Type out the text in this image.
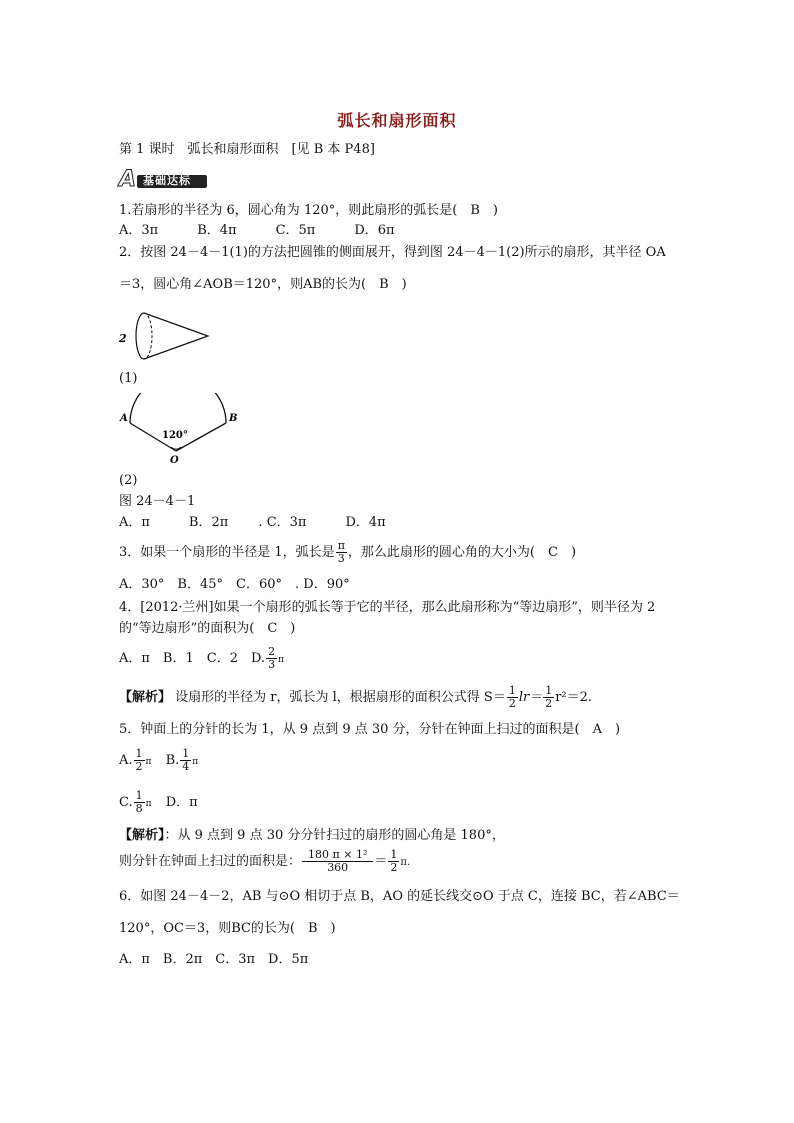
弧长和扇形面积
第 1 课时　弧长和扇形面积　[见 B 本 P48]
A 基础达标
1.若扇形的半径为 6，圆心角为 120°，则此扇形的弧长是(　B　)
A．3π　　　B．4π　　　C．5π　　　D．6π
2．按图 24－4－1(1)的方法把圆锥的侧面展开，得到图 24－4－1(2)所示的扇形，其半径 OA
＝3，圆心角∠AOB＝120°，则AB的长为(　B　)
2
(1)
A	B
O
120°
(2)
图 24－4－1
A．π　　　B．2π　　 . C．3π　　　D．4π
3．如果一个扇形的半径是 1，弧长是 $\frac{\pi}{3}$ ，那么此扇形的圆心角的大小为(　C　)
A．30°　B．45°　C．60°　. D．90°
4．[2012·兰州]如果一个扇形的弧长等于它的半径，那么此扇形称为“等边扇形”，则半径为 2
的“等边扇形”的面积为(　C　)
A．π　B．1　C．2　D. $\frac{2}{3}$ π
【解析】 设扇形的半径为 r，弧长为 l，根据扇形的面积公式得 $S= \frac{1}{2} lr= \frac{1}{2} r^2=2$.
5．钟面上的分针的长为 1，从 9 点到 9 点 30 分，分针在钟面上扫过的面积是(　A　)
A. $\frac{1}{2}$ π B. $\frac{1}{4}$ π
C. $\frac{1}{8}$ π D．π
【解析】：从 9 点到 9 点 30 分分针扫过的扇形的圆心角是 180°，
则分针在钟面上扫过的面积是： $\frac{\text{180 π × 1²}}{360} = \frac{1}{2} \pi$.
6．如图 24－4－2，AB 与⊙O 相切于点 B，AO 的延长线交⊙O 于点 C，连接 BC，若∠ABC＝
120°，OC＝3，则BC的长为(　B　)
A．π　B．2π　C．3π　D．5π
